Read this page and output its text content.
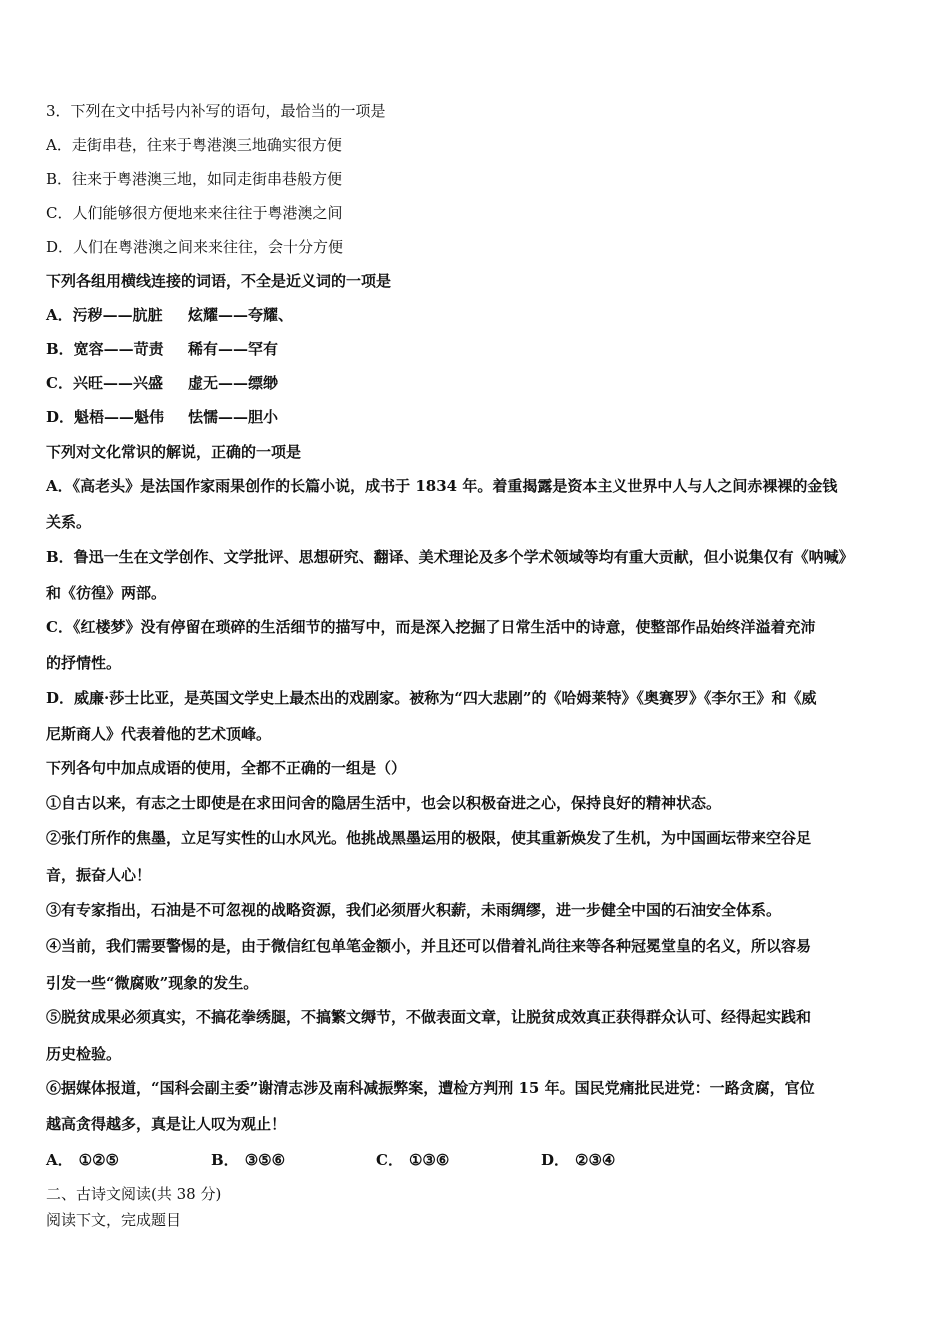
3．下列在文中括号内补写的语句，最恰当的一项是
A．走街串巷，往来于粤港澳三地确实很方便
B．往来于粤港澳三地，如同走街串巷般方便
C．人们能够很方便地来来往往于粤港澳之间
D．人们在粤港澳之间来来往往，会十分方便
下列各组用横线连接的词语，不全是近义词的一项是
A．污秽——肮脏 炫耀——夸耀、
B．宽容——苛责 稀有——罕有
C．兴旺——兴盛 虚无——缥缈
D．魁梧——魁伟 怯懦——胆小
下列对文化常识的解说，正确的一项是
A．《高老头》是法国作家雨果创作的长篇小说，成书于 1834 年。着重揭露是资本主义世界中人与人之间赤裸裸的金钱
关系。
B．鲁迅一生在文学创作、文学批评、思想研究、翻译、美术理论及多个学术领域等均有重大贡献，但小说集仅有《呐喊》
和《彷徨》两部。
C．《红楼梦》没有停留在琐碎的生活细节的描写中，而是深入挖掘了日常生活中的诗意，使整部作品始终洋溢着充沛
的抒情性。
D．威廉·莎士比亚，是英国文学史上最杰出的戏剧家。被称为“四大悲剧”的《哈姆莱特》《奥赛罗》《李尔王》和《威
尼斯商人》代表着他的艺术顶峰。
下列各句中加点成语的使用，全都不正确的一组是（）
①自古以来，有志之士即使是在求田问舍的隐居生活中，也会以积极奋进之心，保持良好的精神状态。
②张仃所作的焦墨，立足写实性的山水风光。他挑战黑墨运用的极限，使其重新焕发了生机，为中国画坛带来空谷足
音，振奋人心！
③有专家指出，石油是不可忽视的战略资源，我们必须厝火积薪，未雨绸缪，进一步健全中国的石油安全体系。
④当前，我们需要警惕的是，由于微信红包单笔金额小，并且还可以借着礼尚往来等各种冠冕堂皇的名义，所以容易
引发一些“微腐败”现象的发生。
⑤脱贫成果必须真实，不搞花拳绣腿，不搞繁文缛节，不做表面文章，让脱贫成效真正获得群众认可、经得起实践和
历史检验。
⑥据媒体报道，“国科会副主委”谢清志涉及南科减振弊案，遭检方判刑 15 年。国民党痛批民进党：一路贪腐，官位
越高贪得越多，真是让人叹为观止！
A． ①②⑤	B． ③⑤⑥	C． ①③⑥	D． ②③④
二、古诗文阅读(共 38 分)
阅读下文，完成题目
